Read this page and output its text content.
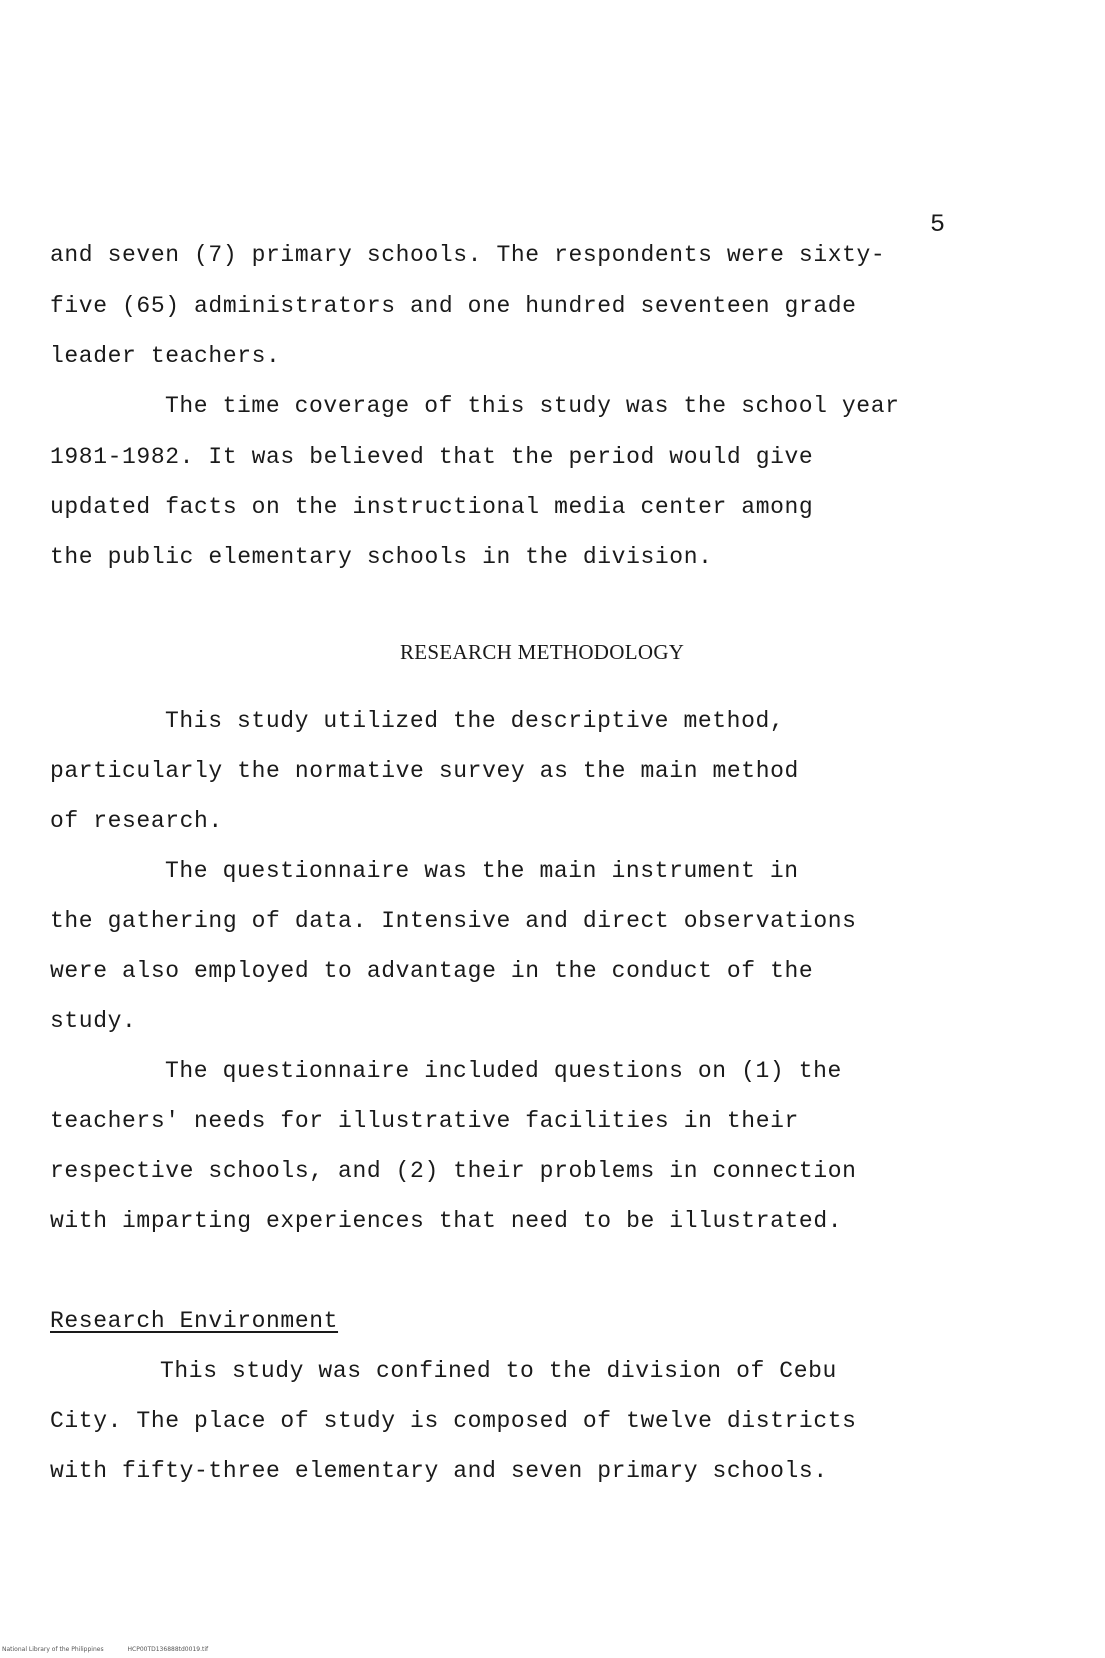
5
and seven (7) primary schools. The respondents were sixty-
five (65) administrators and one hundred seventeen grade
leader teachers.
The time coverage of this study was the school year
1981-1982. It was believed that the period would give
updated facts on the instructional media center among
the public elementary schools in the division.
RESEARCH METHODOLOGY
This study utilized the descriptive method,
particularly the normative survey as the main method
of research.
The questionnaire was the main instrument in
the gathering of data. Intensive and direct observations
were also employed to advantage in the conduct of the
study.
The questionnaire included questions on (1) the
teachers' needs for illustrative facilities in their
respective schools, and (2) their problems in connection
with imparting experiences that need to be illustrated.
Research Environment
This study was confined to the division of Cebu
City. The place of study is composed of twelve districts
with fifty-three elementary and seven primary schools.
National Library of the Philippines	HCP00TD136888td0019.tif
